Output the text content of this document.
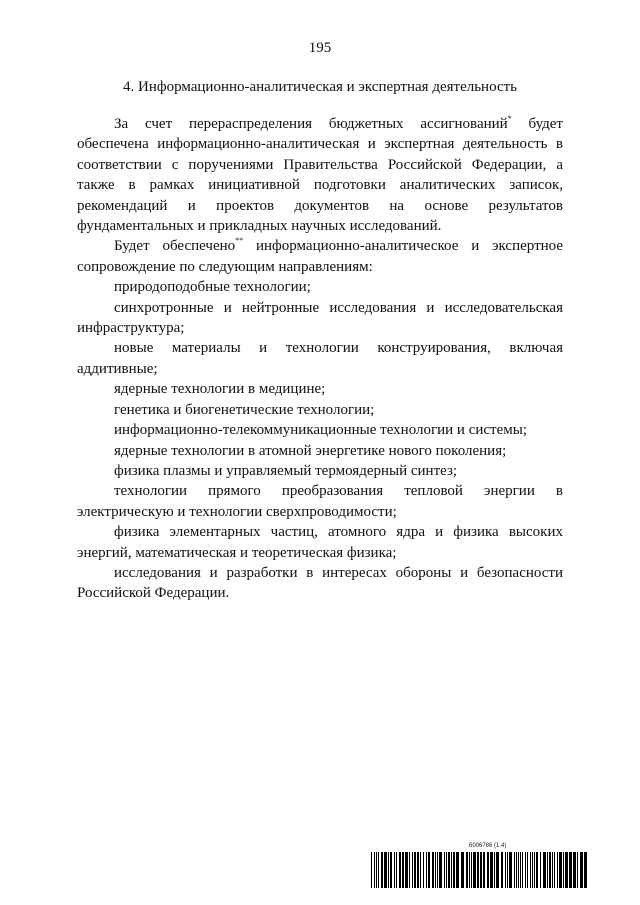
195
4. Информационно-аналитическая и экспертная деятельность

За счет перераспределения бюджетных ассигнований* будет обеспечена информационно-аналитическая и экспертная деятельность в соответствии с поручениями Правительства Российской Федерации, а также в рамках инициативной подготовки аналитических записок, рекомендаций и проектов документов на основе результатов фундаментальных и прикладных научных исследований.

Будет обеспечено** информационно-аналитическое и экспертное сопровождение по следующим направлениям:

природоподобные технологии;

синхротронные и нейтронные исследования и исследовательская инфраструктура;

новые материалы и технологии конструирования, включая аддитивные;

ядерные технологии в медицине;

генетика и биогенетические технологии;

информационно-телекоммуникационные технологии и системы;

ядерные технологии в атомной энергетике нового поколения;

физика плазмы и управляемый термоядерный синтез;

технологии прямого преобразования тепловой энергии в электрическую и технологии сверхпроводимости;

физика элементарных частиц, атомного ядра и физика высоких энергий, математическая и теоретическая физика;

исследования и разработки в интересах обороны и безопасности Российской Федерации.

6006786 (1.4)
